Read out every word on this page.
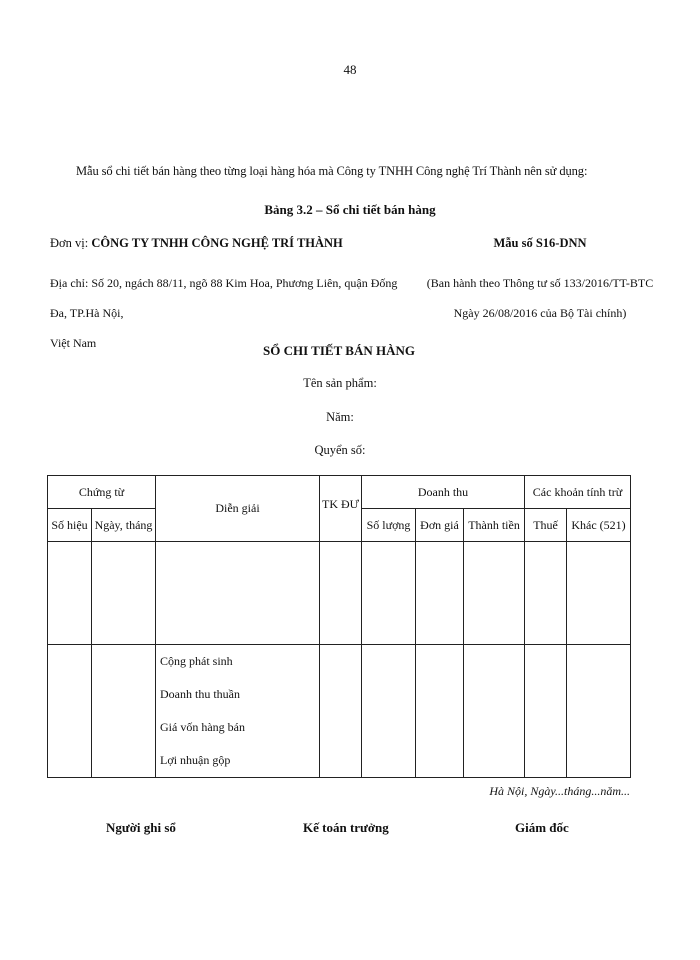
48
Mẫu sổ chi tiết bán hàng theo từng loại hàng hóa mà Công ty TNHH Công nghệ Trí Thành nên sử dụng:
Bảng 3.2 – Sổ chi tiết bán hàng
Đơn vị: CÔNG TY TNHH CÔNG NGHỆ TRÍ THÀNH
Địa chỉ: Số 20, ngách 88/11, ngõ 88 Kim Hoa, Phương Liên, quận Đống Đa, TP.Hà Nội,
Việt Nam
Mẫu số S16-DNN
(Ban hành theo Thông tư số 133/2016/TT-BTC
Ngày 26/08/2016 của Bộ Tài chính)
SỔ CHI TIẾT BÁN HÀNG
Tên sản phẩm:
Năm:
Quyển số:
Chứng từ		Diễn giải	TK ĐƯ	Doanh thu			Các khoản tính trừ	
Số hiệu	Ngày, tháng			Số lượng	Đơn giá	Thành tiền	Thuế	Khác (521)

		Cộng phát sinh
Doanh thu thuần
Giá vốn hàng bán
Lợi nhuận gộp						

Hà Nội, Ngày...tháng...năm...
Người ghi sổ	Kế toán trưởng	Giám đốc
